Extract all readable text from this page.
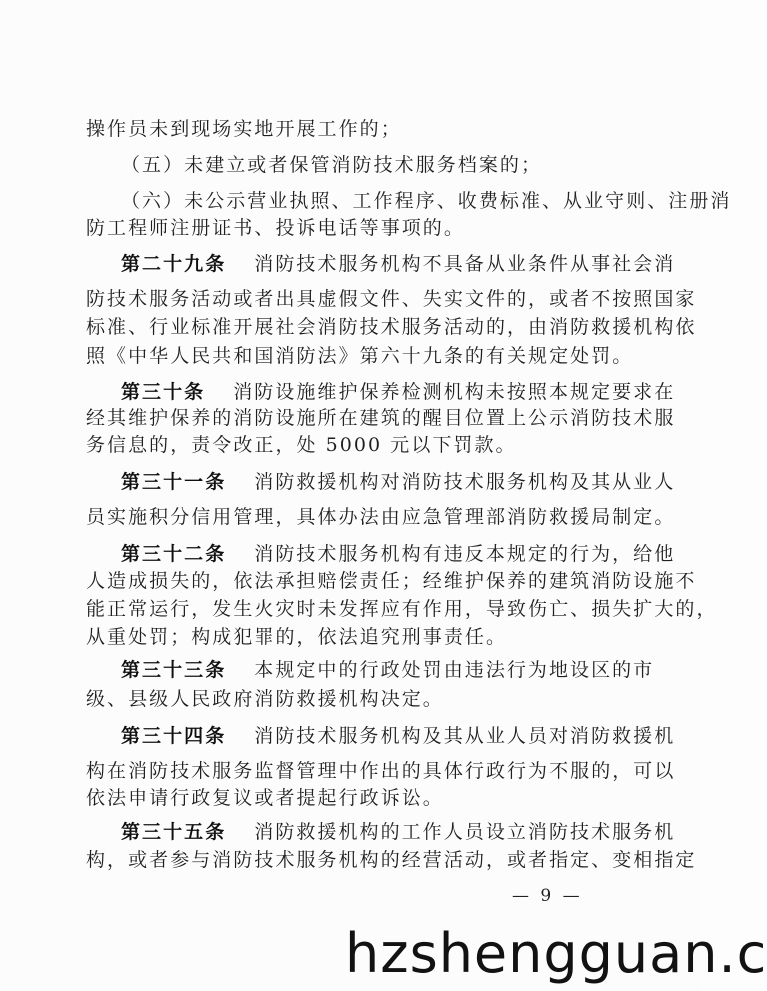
操作员未到现场实地开展工作的；
（五）未建立或者保管消防技术服务档案的；
（六）未公示营业执照、工作程序、收费标准、从业守则、注册消
防工程师注册证书、投诉电话等事项的。
第二十九条 消防技术服务机构不具备从业条件从事社会消
防技术服务活动或者出具虚假文件、失实文件的，或者不按照国家
标准、行业标准开展社会消防技术服务活动的，由消防救援机构依
照《中华人民共和国消防法》第六十九条的有关规定处罚。
第三十条 消防设施维护保养检测机构未按照本规定要求在
经其维护保养的消防设施所在建筑的醒目位置上公示消防技术服
务信息的，责令改正，处 5000 元以下罚款。
第三十一条 消防救援机构对消防技术服务机构及其从业人
员实施积分信用管理，具体办法由应急管理部消防救援局制定。
第三十二条 消防技术服务机构有违反本规定的行为，给他
人造成损失的，依法承担赔偿责任；经维护保养的建筑消防设施不
能正常运行，发生火灾时未发挥应有作用，导致伤亡、损失扩大的，
从重处罚；构成犯罪的，依法追究刑事责任。
第三十三条 本规定中的行政处罚由违法行为地设区的市
级、县级人民政府消防救援机构决定。
第三十四条 消防技术服务机构及其从业人员对消防救援机
构在消防技术服务监督管理中作出的具体行政行为不服的，可以
依法申请行政复议或者提起行政诉讼。
第三十五条 消防救援机构的工作人员设立消防技术服务机
构，或者参与消防技术服务机构的经营活动，或者指定、变相指定
— 9 —
hzshengguan.c
